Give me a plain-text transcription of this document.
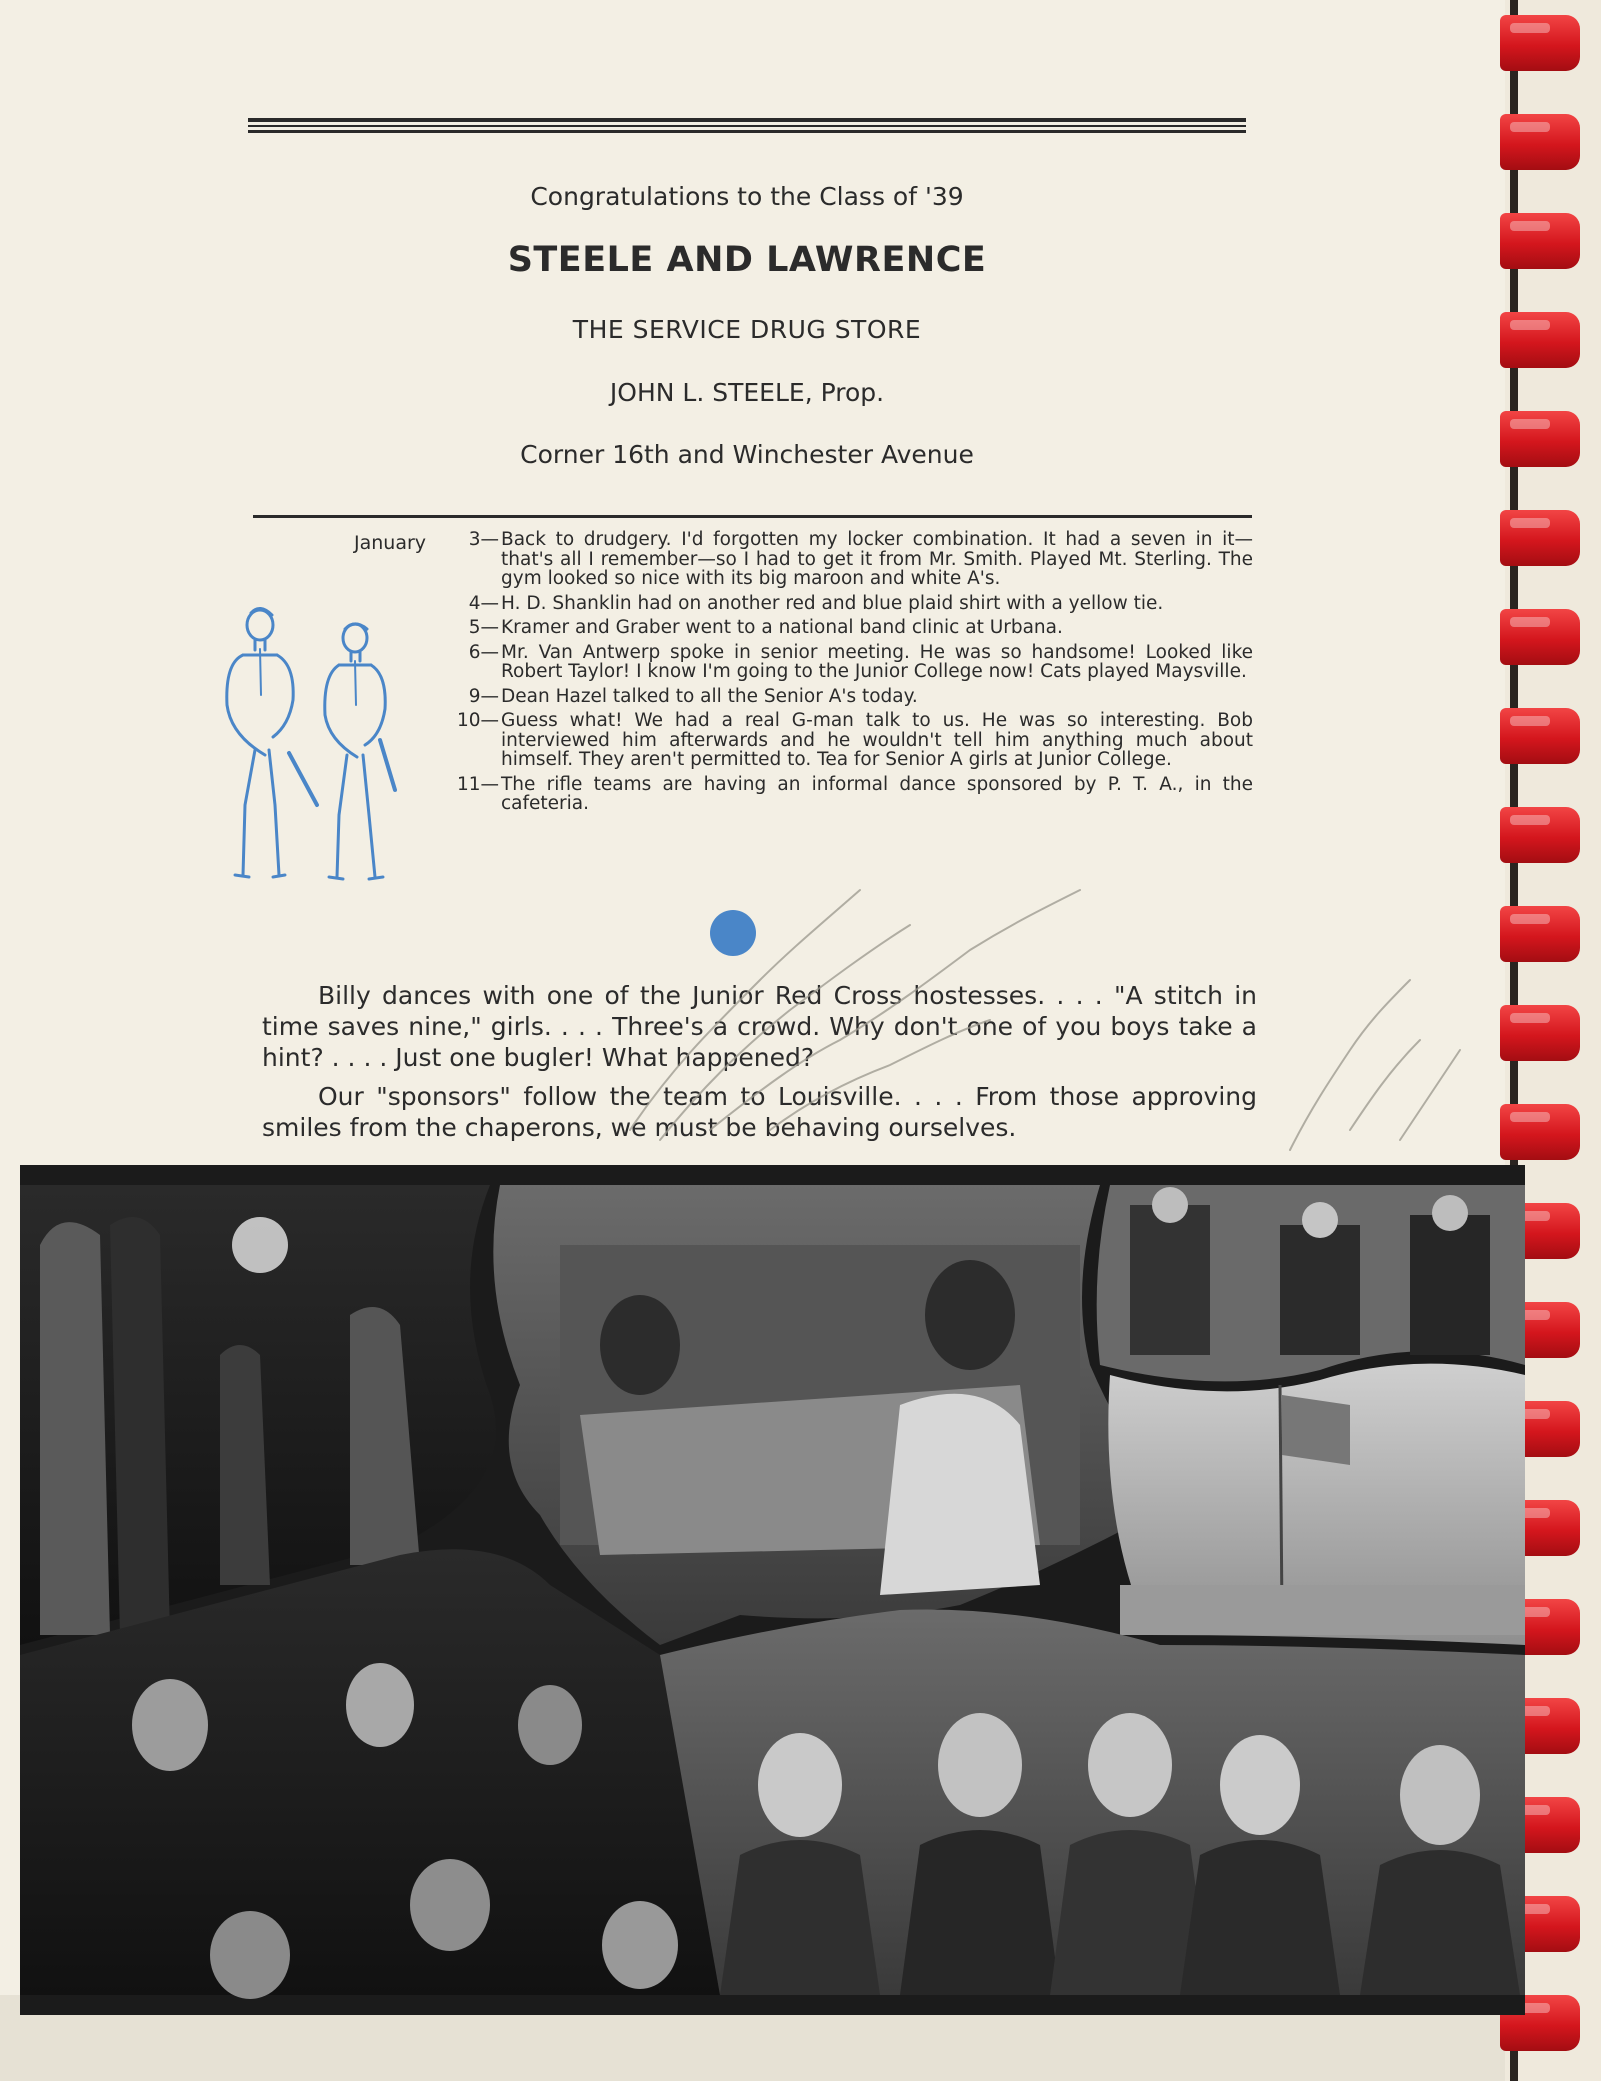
Congratulations to the Class of '39
STEELE AND LAWRENCE
THE SERVICE DRUG STORE
JOHN L. STEELE, Prop.
Corner 16th and Winchester Avenue
January	3— Back to drudgery. I'd forgotten my locker combination. It had a seven in it—that's all I remember—so I had to get it from Mr. Smith. Played Mt. Sterling. The gym looked so nice with its big maroon and white A's.
4— H. D. Shanklin had on another red and blue plaid shirt with a yellow tie.
5— Kramer and Graber went to a national band clinic at Urbana.
6— Mr. Van Antwerp spoke in senior meeting. He was so handsome! Looked like Robert Taylor! I know I'm going to the Junior College now! Cats played Maysville.
9— Dean Hazel talked to all the Senior A's today.
10— Guess what! We had a real G-man talk to us. He was so interesting. Bob interviewed him afterwards and he wouldn't tell him anything much about himself. They aren't permitted to. Tea for Senior A girls at Junior College.
11— The rifle teams are having an informal dance sponsored by P. T. A., in the cafeteria.
Billy dances with one of the Junior Red Cross hostesses. . . . "A stitch in time saves nine," girls. . . . Three's a crowd. Why don't one of you boys take a hint? . . . . Just one bugler! What happened?
Our "sponsors" follow the team to Louisville. . . . From those approving smiles from the chaperons, we must be behaving ourselves.
